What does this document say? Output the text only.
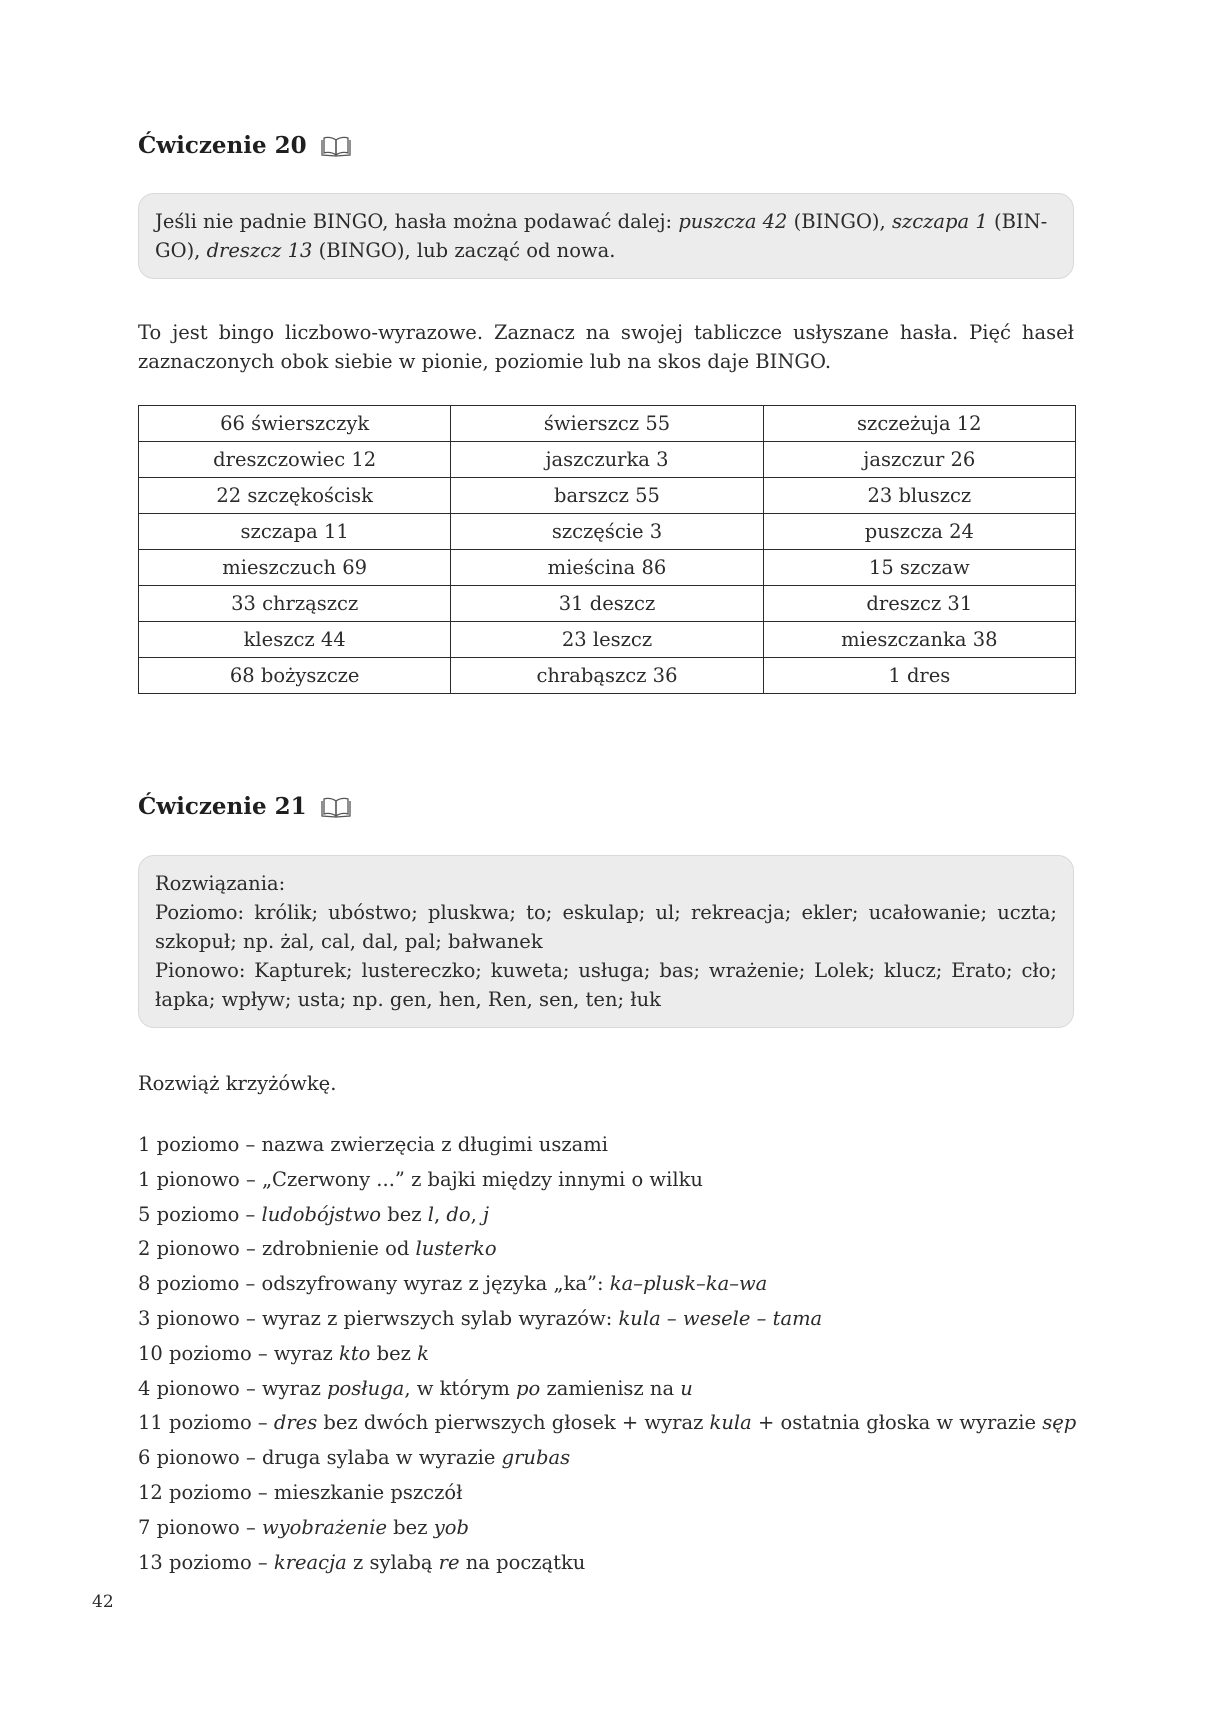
Ćwiczenie 20
Jeśli nie padnie BINGO, hasła można podawać dalej: puszcza 42 (BINGO), szczapa 1 (BIN-
GO), dreszcz 13 (BINGO), lub zacząć od nowa.
To jest bingo liczbowo-wyrazowe. Zaznacz na swojej tabliczce usłyszane hasła. Pięć haseł zaznaczonych obok siebie w pionie, poziomie lub na skos daje BINGO.
66 świerszczyk	świerszcz 55	szczeżuja 12
dreszczowiec 12	jaszczurka 3	jaszczur 26
22 szczękościsk	barszcz 55	23 bluszcz
szczapa 11	szczęście 3	puszcza 24
mieszczuch 69	mieścina 86	15 szczaw
33 chrząszcz	31 deszcz	dreszcz 31
kleszcz 44	23 leszcz	mieszczanka 38
68 bożyszcze	chrabąszcz 36	1 dres
Ćwiczenie 21
Rozwiązania:
Poziomo: królik; ubóstwo; pluskwa; to; eskulap; ul; rekreacja; ekler; ucałowanie; uczta; szkopuł; np. żal, cal, dal, pal; bałwanek
Pionowo: Kapturek; lustereczko; kuweta; usługa; bas; wrażenie; Lolek; klucz; Erato; cło; łapka; wpływ; usta; np. gen, hen, Ren, sen, ten; łuk
Rozwiąż krzyżówkę.
1 poziomo – nazwa zwierzęcia z długimi uszami
1 pionowo – „Czerwony ...” z bajki między innymi o wilku
5 poziomo – ludobójstwo bez l, do, j
2 pionowo – zdrobnienie od lusterko
8 poziomo – odszyfrowany wyraz z języka „ka”: ka–plusk–ka–wa
3 pionowo – wyraz z pierwszych sylab wyrazów: kula – wesele – tama
10 poziomo – wyraz kto bez k
4 pionowo – wyraz posługa, w którym po zamienisz na u
11 poziomo – dres bez dwóch pierwszych głosek + wyraz kula + ostatnia głoska w wyrazie sęp
6 pionowo – druga sylaba w wyrazie grubas
12 poziomo – mieszkanie pszczół
7 pionowo – wyobrażenie bez yob
13 poziomo – kreacja z sylabą re na początku
42
